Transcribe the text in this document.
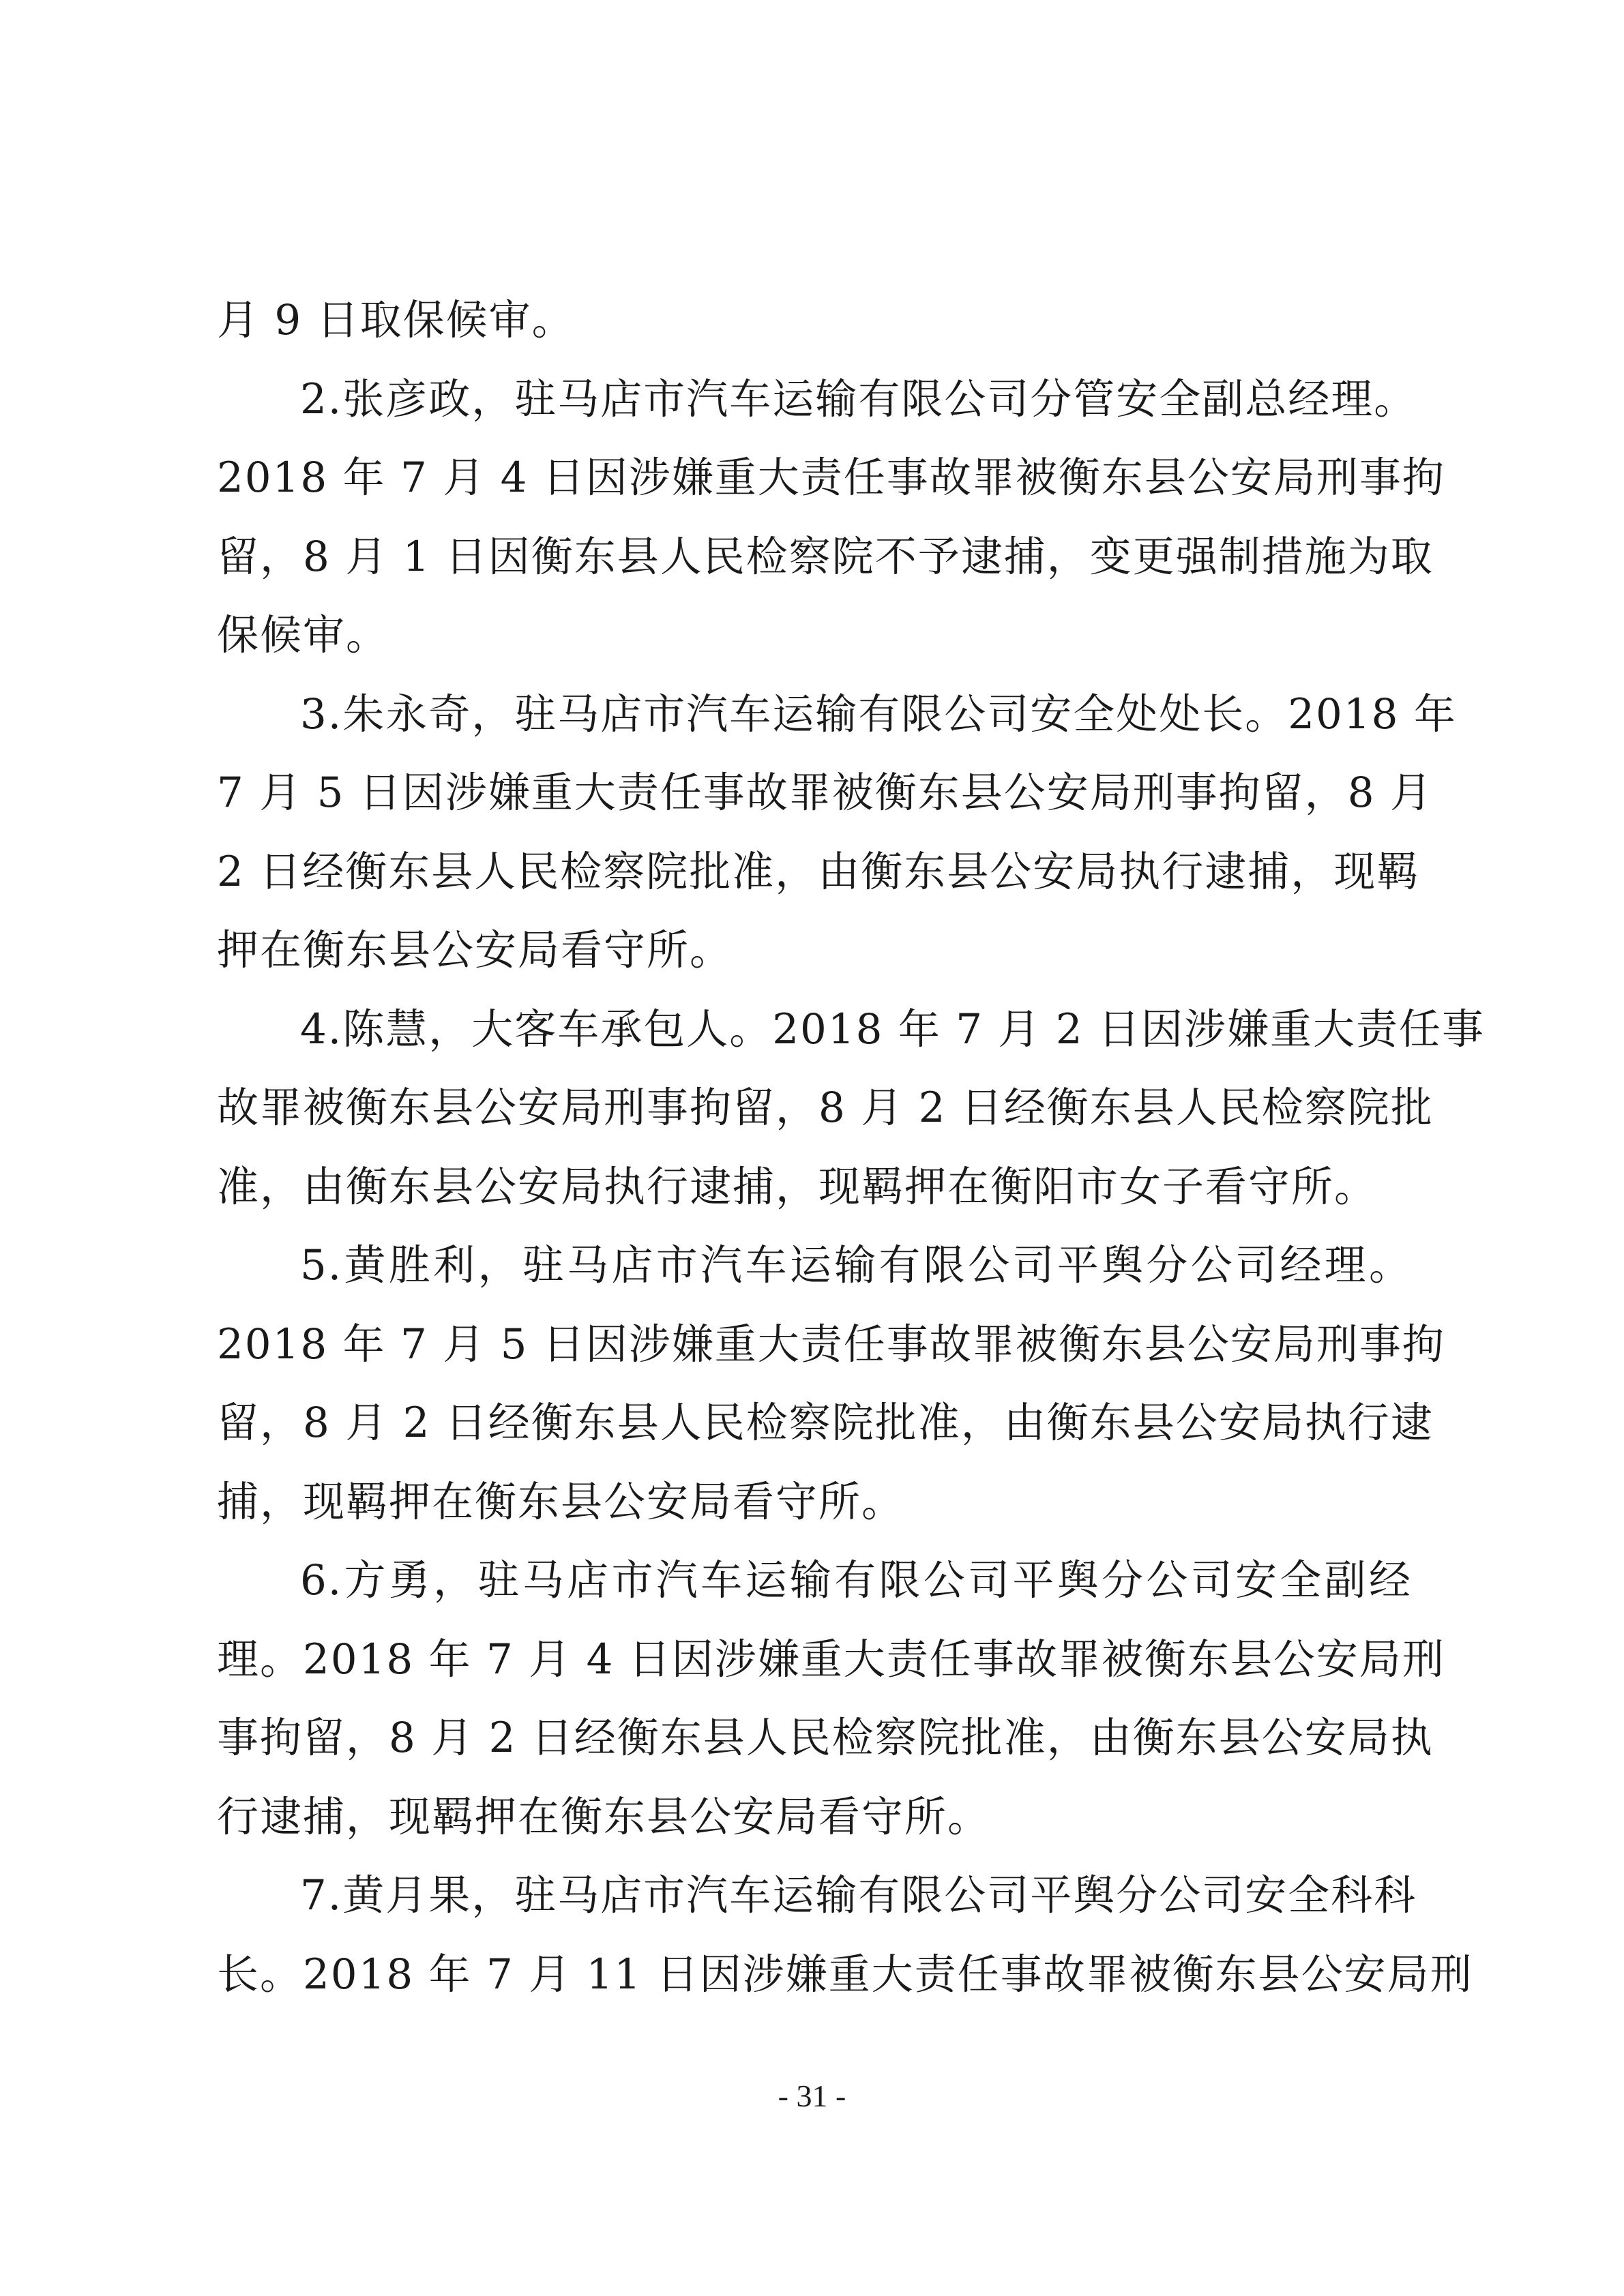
月 9 日取保候审。
2.张彦政，驻马店市汽车运输有限公司分管安全副总经理。
2018 年 7 月 4 日因涉嫌重大责任事故罪被衡东县公安局刑事拘
留，8 月 1 日因衡东县人民检察院不予逮捕，变更强制措施为取
保候审。
3.朱永奇，驻马店市汽车运输有限公司安全处处长。2018 年
7 月 5 日因涉嫌重大责任事故罪被衡东县公安局刑事拘留，8 月
2 日经衡东县人民检察院批准，由衡东县公安局执行逮捕，现羁
押在衡东县公安局看守所。
4.陈慧，大客车承包人。2018 年 7 月 2 日因涉嫌重大责任事
故罪被衡东县公安局刑事拘留，8 月 2 日经衡东县人民检察院批
准，由衡东县公安局执行逮捕，现羁押在衡阳市女子看守所。
5.黄胜利，驻马店市汽车运输有限公司平舆分公司经理。
2018 年 7 月 5 日因涉嫌重大责任事故罪被衡东县公安局刑事拘
留，8 月 2 日经衡东县人民检察院批准，由衡东县公安局执行逮
捕，现羁押在衡东县公安局看守所。
6.方勇，驻马店市汽车运输有限公司平舆分公司安全副经
理。2018 年 7 月 4 日因涉嫌重大责任事故罪被衡东县公安局刑
事拘留，8 月 2 日经衡东县人民检察院批准，由衡东县公安局执
行逮捕，现羁押在衡东县公安局看守所。
7.黄月果，驻马店市汽车运输有限公司平舆分公司安全科科
长。2018 年 7 月 11 日因涉嫌重大责任事故罪被衡东县公安局刑
- 31 -
